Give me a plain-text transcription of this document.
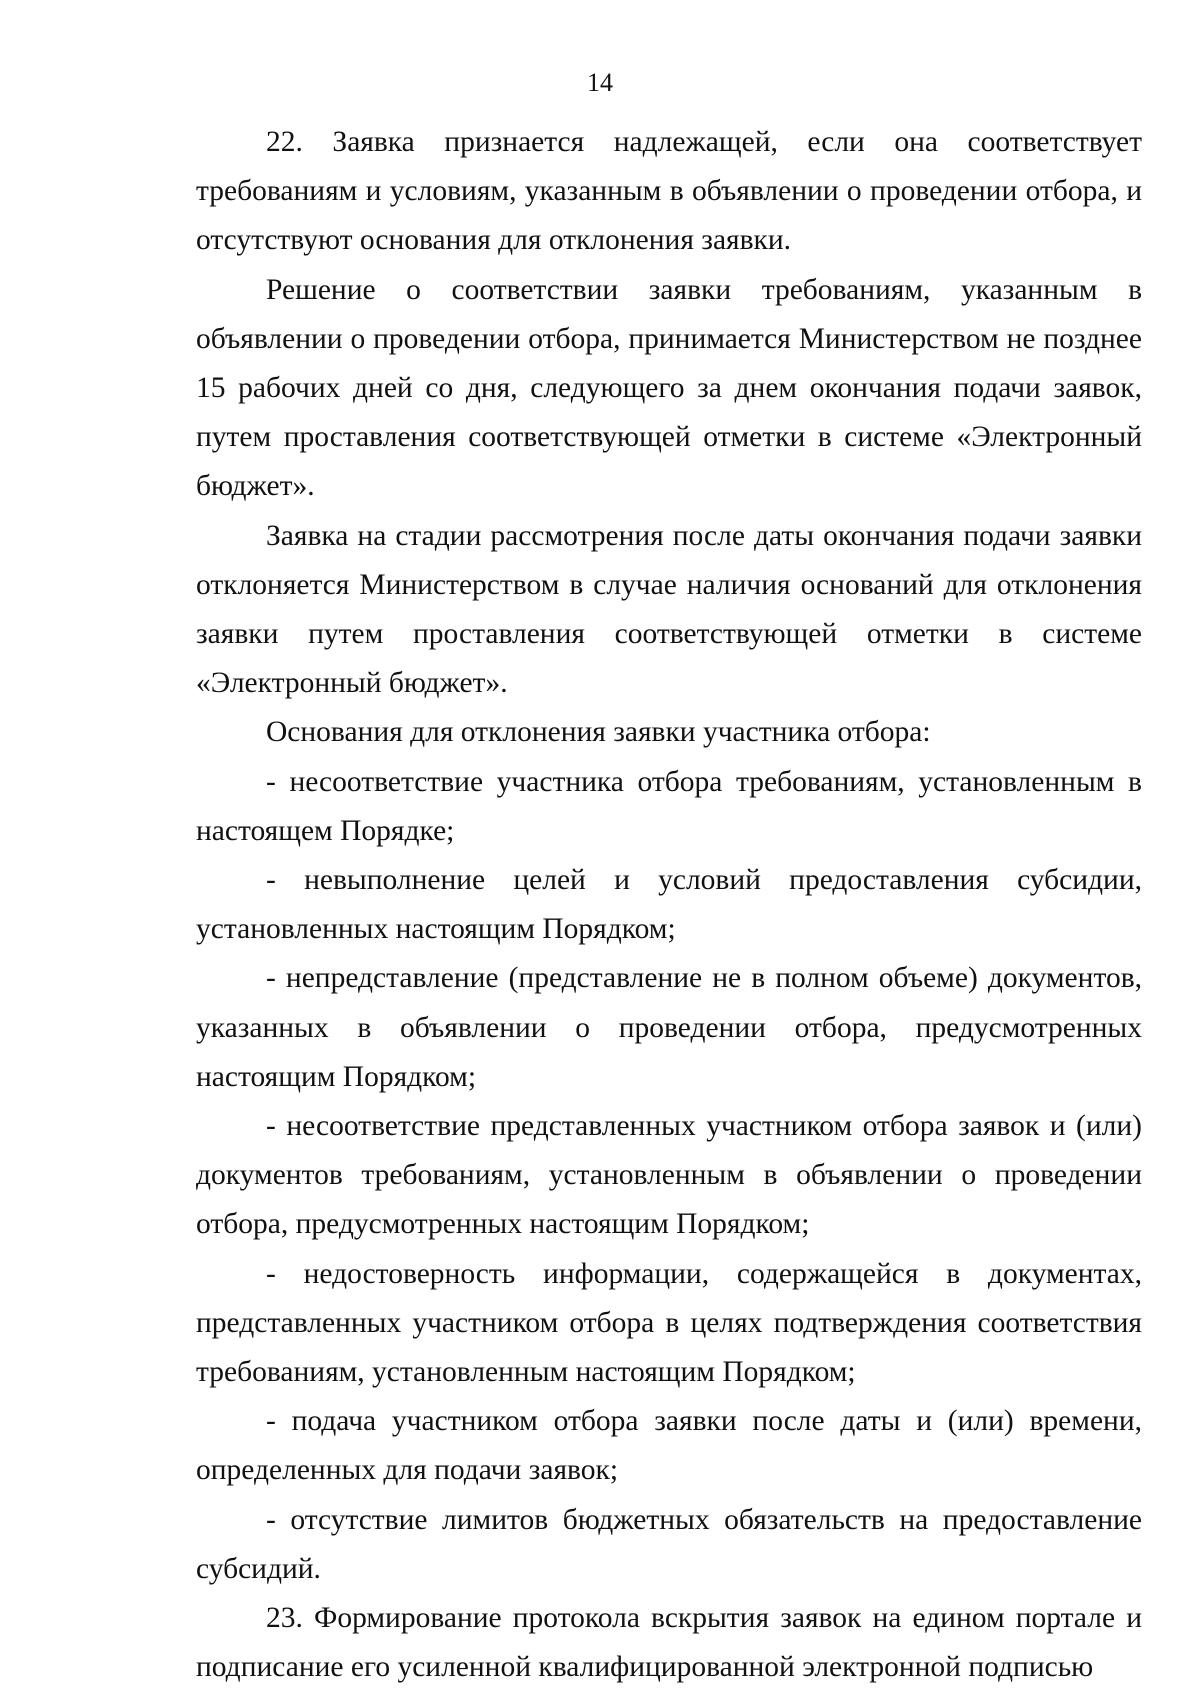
14

22. Заявка признается надлежащей, если она соответствует требованиям и условиям, указанным в объявлении о проведении отбора, и отсутствуют основания для отклонения заявки.

Решение о соответствии заявки требованиям, указанным в объявлении о проведении отбора, принимается Министерством не позднее 15 рабочих дней со дня, следующего за днем окончания подачи заявок, путем проставления соответствующей отметки в системе «Электронный бюджет».

Заявка на стадии рассмотрения после даты окончания подачи заявки отклоняется Министерством в случае наличия оснований для отклонения заявки путем проставления соответствующей отметки в системе «Электронный бюджет».

Основания для отклонения заявки участника отбора:

- несоответствие участника отбора требованиям, установленным в настоящем Порядке;

- невыполнение целей и условий предоставления субсидии, установленных настоящим Порядком;

- непредставление (представление не в полном объеме) документов, указанных в объявлении о проведении отбора, предусмотренных настоящим Порядком;

- несоответствие представленных участником отбора заявок и (или) документов требованиям, установленным в объявлении о проведении отбора, предусмотренных настоящим Порядком;

- недостоверность информации, содержащейся в документах, представленных участником отбора в целях подтверждения соответствия требованиям, установленным настоящим Порядком;

- подача участником отбора заявки после даты и (или) времени, определенных для подачи заявок;

- отсутствие лимитов бюджетных обязательств на предоставление субсидий.

23. Формирование протокола вскрытия заявок на едином портале и подписание его усиленной квалифицированной электронной подписью
